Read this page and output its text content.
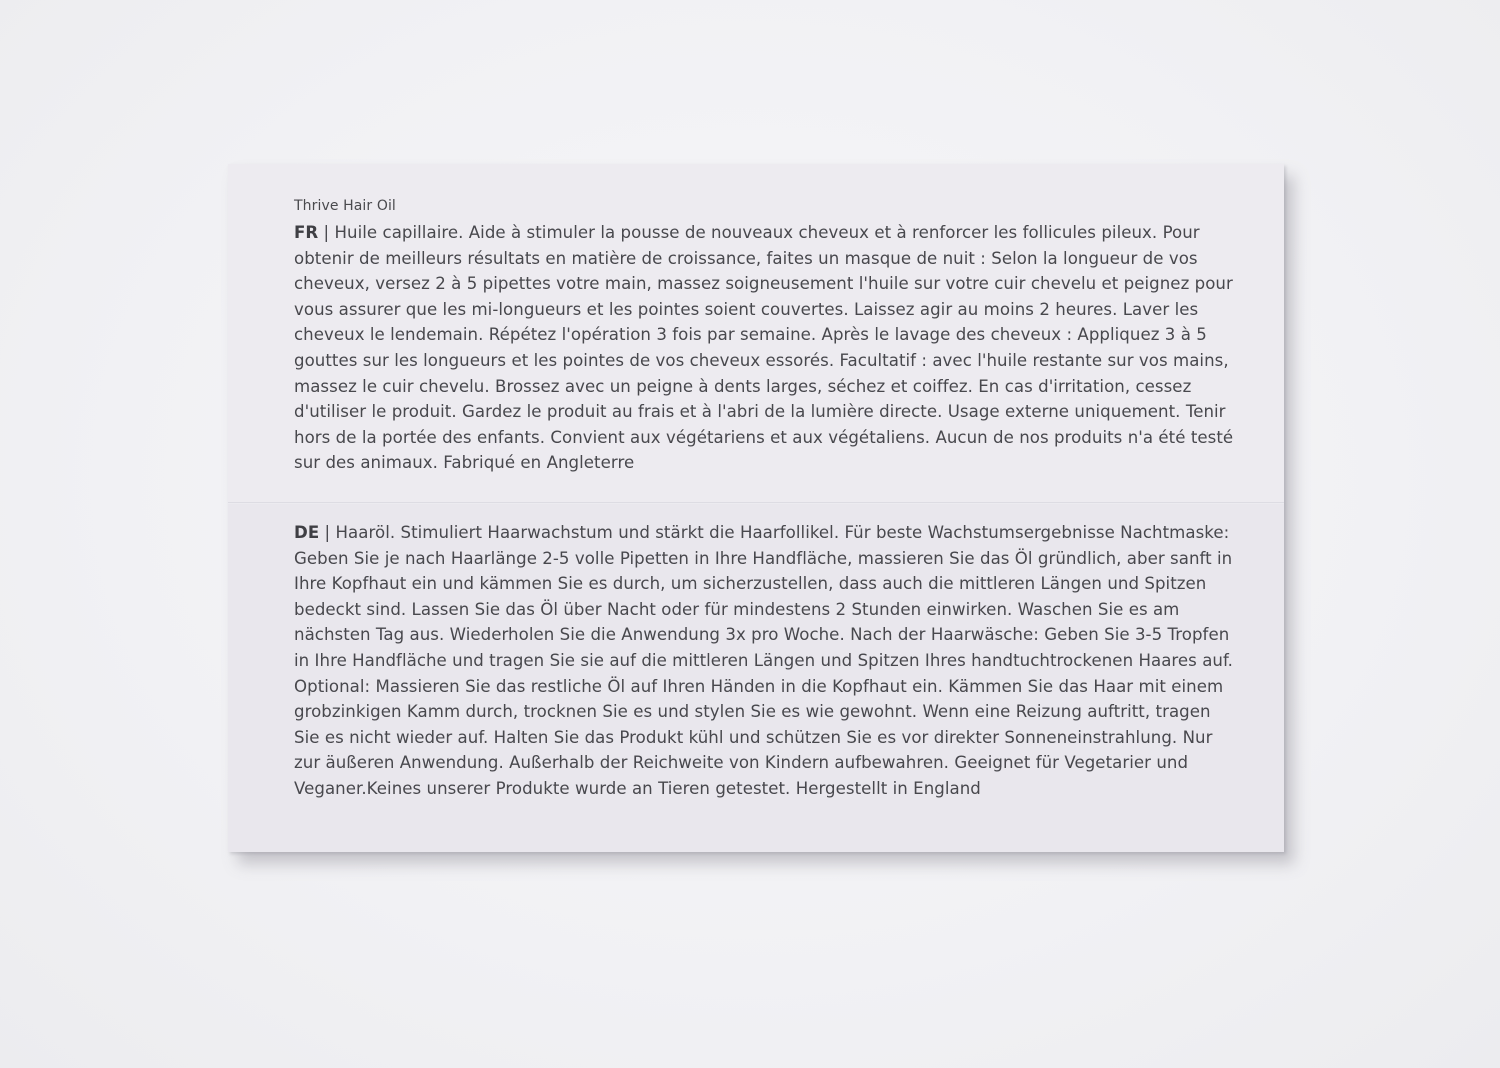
Thrive Hair Oil
FR | Huile capillaire. Aide à stimuler la pousse de nouveaux cheveux et à renforcer les follicules pileux. Pour obtenir de meilleurs résultats en matière de croissance, faites un masque de nuit : Selon la longueur de vos cheveux, versez 2 à 5 pipettes votre main, massez soigneusement l'huile sur votre cuir chevelu et peignez pour vous assurer que les mi-longueurs et les pointes soient couvertes. Laissez agir au moins 2 heures. Laver les cheveux le lendemain. Répétez l'opération 3 fois par semaine. Après le lavage des cheveux : Appliquez 3 à 5 gouttes sur les longueurs et les pointes de vos cheveux essorés. Facultatif : avec l'huile restante sur vos mains, massez le cuir chevelu. Brossez avec un peigne à dents larges, séchez et coiffez. En cas d'irritation, cessez d'utiliser le produit. Gardez le produit au frais et à l'abri de la lumière directe. Usage externe uniquement. Tenir hors de la portée des enfants. Convient aux végétariens et aux végétaliens. Aucun de nos produits n'a été testé sur des animaux. Fabriqué en Angleterre
DE | Haaröl. Stimuliert Haarwachstum und stärkt die Haarfollikel. Für beste Wachstumsergebnisse Nachtmaske: Geben Sie je nach Haarlänge 2-5 volle Pipetten in Ihre Handfläche, massieren Sie das Öl gründlich, aber sanft in Ihre Kopfhaut ein und kämmen Sie es durch, um sicherzustellen, dass auch die mittleren Längen und Spitzen bedeckt sind. Lassen Sie das Öl über Nacht oder für mindestens 2 Stunden einwirken. Waschen Sie es am nächsten Tag aus. Wiederholen Sie die Anwendung 3x pro Woche. Nach der Haarwäsche: Geben Sie 3-5 Tropfen in Ihre Handfläche und tragen Sie sie auf die mittleren Längen und Spitzen Ihres handtuchtrockenen Haares auf. Optional: Massieren Sie das restliche Öl auf Ihren Händen in die Kopfhaut ein. Kämmen Sie das Haar mit einem grobzinkigen Kamm durch, trocknen Sie es und stylen Sie es wie gewohnt. Wenn eine Reizung auftritt, tragen Sie es nicht wieder auf. Halten Sie das Produkt kühl und schützen Sie es vor direkter Sonneneinstrahlung. Nur zur äußeren Anwendung. Außerhalb der Reichweite von Kindern aufbewahren. Geeignet für Vegetarier und Veganer.Keines unserer Produkte wurde an Tieren getestet. Hergestellt in England
